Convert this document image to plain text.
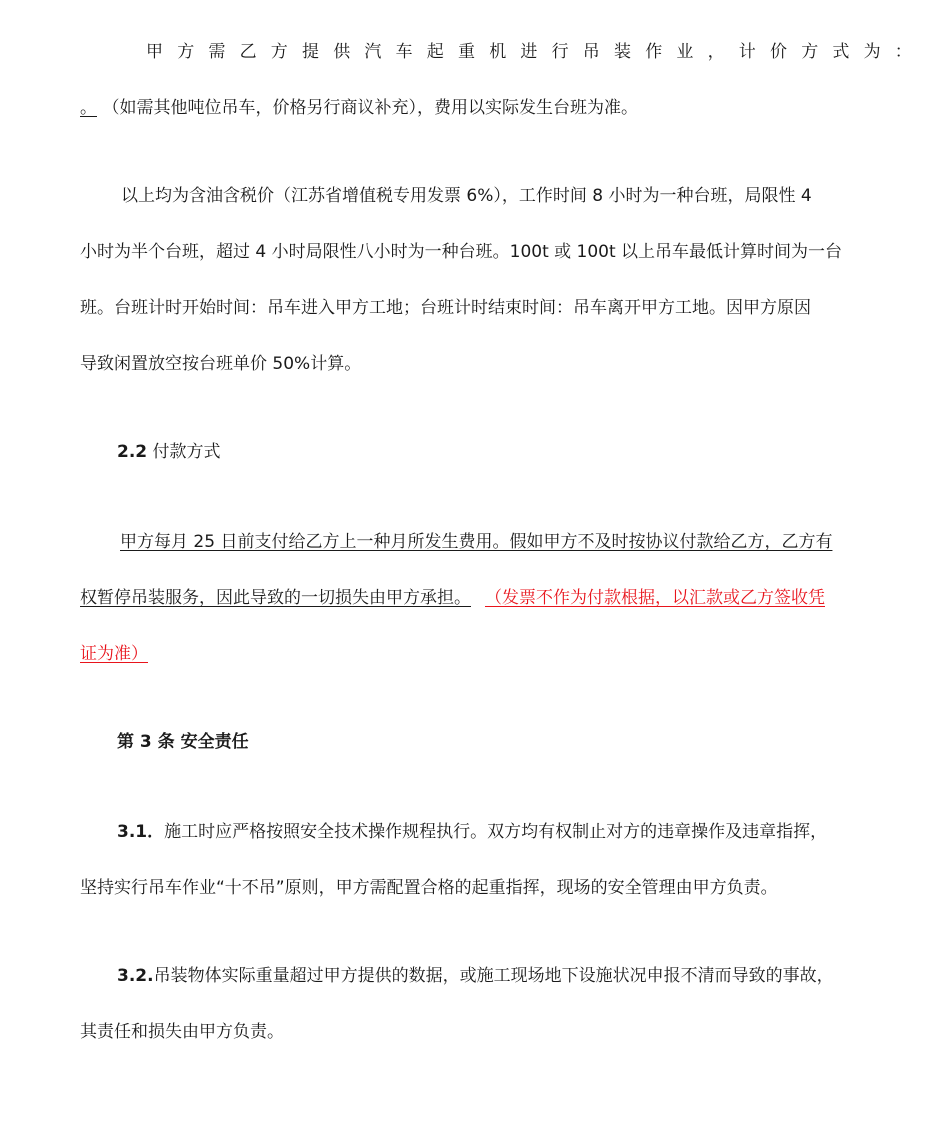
甲方需乙方提供汽车起重机进行吊装作业，计价方式为：
。 （如需其他吨位吊车，价格另行商议补充），费用以实际发生台班为准。
以上均为含油含税价（江苏省增值税专用发票 6%），工作时间 8 小时为一种台班，局限性 4
小时为半个台班，超过 4 小时局限性八小时为一种台班。100t 或 100t 以上吊车最低计算时间为一台
班。台班计时开始时间：吊车进入甲方工地；台班计时结束时间：吊车离开甲方工地。因甲方原因
导致闲置放空按台班单价 50%计算。
2.2 付款方式
甲方每月 25 日前支付给乙方上一种月所发生费用。假如甲方不及时按协议付款给乙方，乙方有
权暂停吊装服务，因此导致的一切损失由甲方承担。 （发票不作为付款根据，以汇款或乙方签收凭
证为准）
第 3 条 安全责任
3.1．施工时应严格按照安全技术操作规程执行。双方均有权制止对方的违章操作及违章指挥，
坚持实行吊车作业“十不吊”原则，甲方需配置合格的起重指挥，现场的安全管理由甲方负责。
3.2.吊装物体实际重量超过甲方提供的数据，或施工现场地下设施状况申报不清而导致的事故，
其责任和损失由甲方负责。
